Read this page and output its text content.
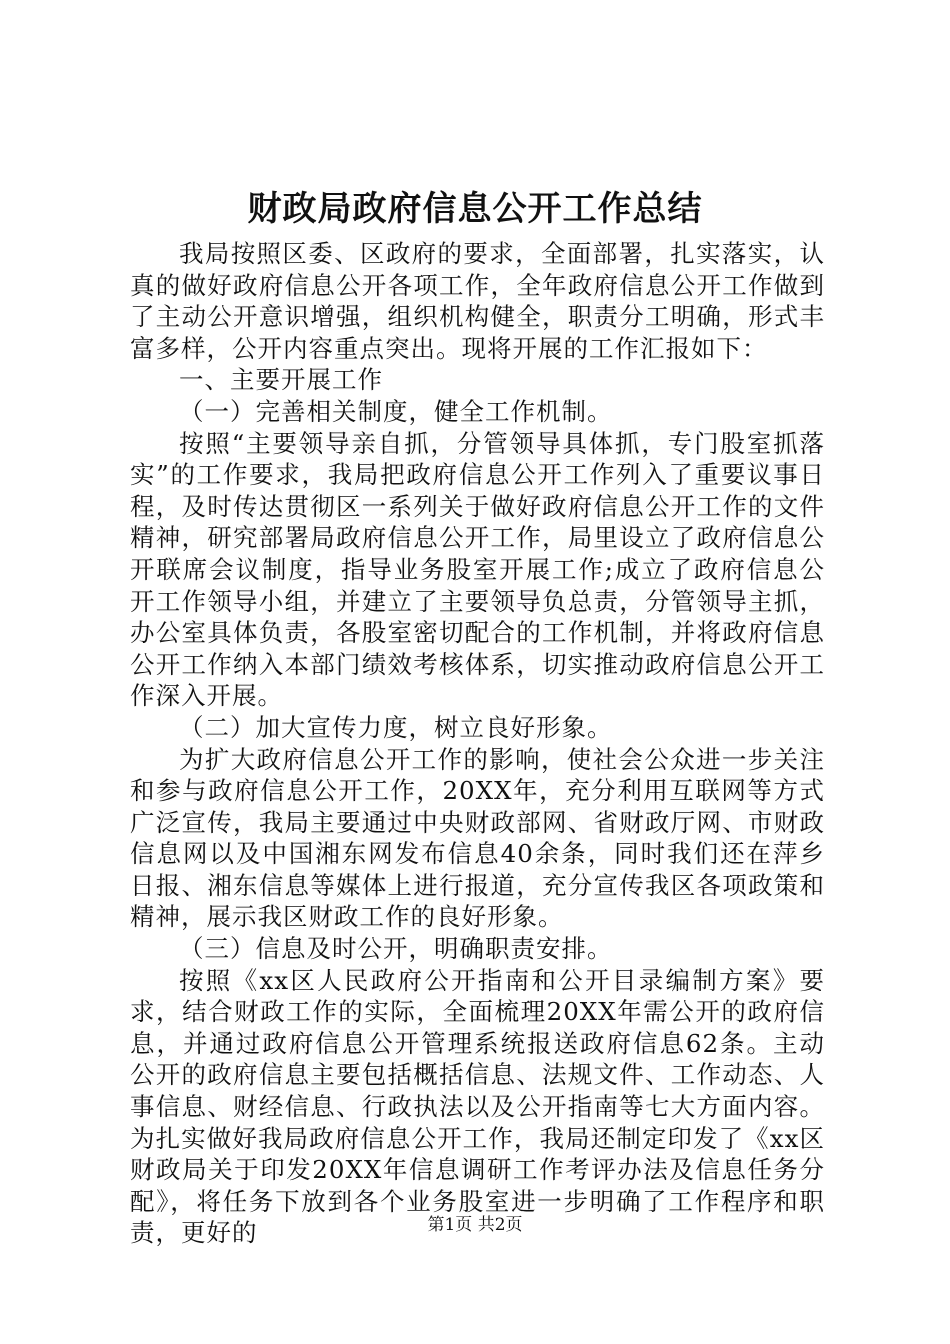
财政局政府信息公开工作总结

我局按照区委、区政府的要求，全面部署，扎实落实，认真的做好政府信息公开各项工作，全年政府信息公开工作做到了主动公开意识增强，组织机构健全，职责分工明确，形式丰富多样，公开内容重点突出。现将开展的工作汇报如下：

一、主要开展工作

（一）完善相关制度，健全工作机制。

按照“主要领导亲自抓，分管领导具体抓，专门股室抓落实”的工作要求，我局把政府信息公开工作列入了重要议事日程，及时传达贯彻区一系列关于做好政府信息公开工作的文件精神，研究部署局政府信息公开工作，局里设立了政府信息公开联席会议制度，指导业务股室开展工作;成立了政府信息公开工作领导小组，并建立了主要领导负总责，分管领导主抓，办公室具体负责，各股室密切配合的工作机制，并将政府信息公开工作纳入本部门绩效考核体系，切实推动政府信息公开工作深入开展。

（二）加大宣传力度，树立良好形象。

为扩大政府信息公开工作的影响，使社会公众进一步关注和参与政府信息公开工作，20XX年，充分利用互联网等方式广泛宣传，我局主要通过中央财政部网、省财政厅网、市财政信息网以及中国湘东网发布信息40余条，同时我们还在萍乡日报、湘东信息等媒体上进行报道，充分宣传我区各项政策和精神，展示我区财政工作的良好形象。

（三）信息及时公开，明确职责安排。

按照《xx区人民政府公开指南和公开目录编制方案》要求，结合财政工作的实际，全面梳理20XX年需公开的政府信息，并通过政府信息公开管理系统报送政府信息62条。主动公开的政府信息主要包括概括信息、法规文件、工作动态、人事信息、财经信息、行政执法以及公开指南等七大方面内容。为扎实做好我局政府信息公开工作，我局还制定印发了《xx区财政局关于印发20XX年信息调研工作考评办法及信息任务分配》，将任务下放到各个业务股室进一步明确了工作程序和职责，更好的	第1页 共2页
